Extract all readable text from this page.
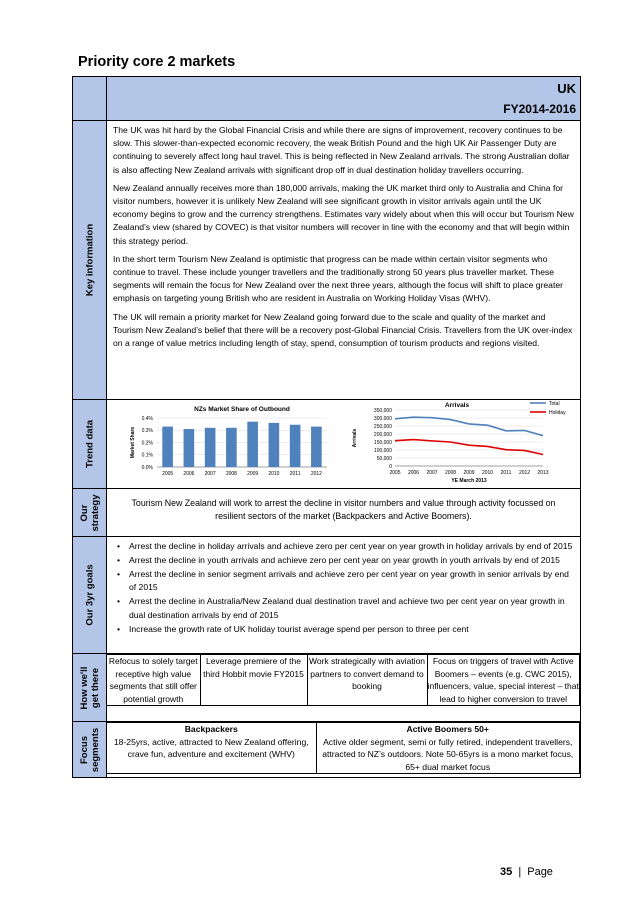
Priority core 2 markets

UK
FY2014-2016

Key information

The UK was hit hard by the Global Financial Crisis and while there are signs of improvement, recovery continues to be slow. This slower-than-expected economic recovery, the weak British Pound and the high UK Air Passenger Duty are continuing to severely affect long haul travel. This is being reflected in New Zealand arrivals. The strong Australian dollar is also affecting New Zealand arrivals with significant drop off in dual destination holiday travellers occurring.

New Zealand annually receives more than 180,000 arrivals, making the UK market third only to Australia and China for visitor numbers, however it is unlikely New Zealand will see significant growth in visitor arrivals again until the UK economy begins to grow and the currency strengthens. Estimates vary widely about when this will occur but Tourism New Zealand’s view (shared by COVEC) is that visitor numbers will recover in line with the economy and that will begin within this strategy period.

In the short term Tourism New Zealand is optimistic that progress can be made within certain visitor segments who continue to travel. These include younger travellers and the traditionally strong 50 years plus traveller market. These segments will remain the focus for New Zealand over the next three years, although the focus will shift to place greater emphasis on targeting young British who are resident in Australia on Working Holiday Visas (WHV).

The UK will remain a priority market for New Zealand going forward due to the scale and quality of the market and Tourism New Zealand’s belief that there will be a recovery post-Global Financial Crisis. Travellers from the UK over-index on a range of value metrics including length of stay, spend, consumption of tourism products and regions visited.

Trend data

NZs Market Share of Outbound
Market Share
0.0%
0.1%
0.2%
0.3%
0.4%
2005 2006 2007 2008 2009 2010 2011 2012
Arrivals
Arrivals
0
50,000
100,000
150,000
200,000
250,000
300,000
350,000
2005 2006 2007 2008 2009 2010 2011 2012 2013
YE March 2013
Total
Holiday

Our strategy	Tourism New Zealand will work to arrest the decline in visitor numbers and value through activity focussed on resilient sectors of the market (Backpackers and Active Boomers).

Our 3yr goals

• Arrest the decline in holiday arrivals and achieve zero per cent year on year growth in holiday arrivals by end of 2015
• Arrest the decline in youth arrivals and achieve zero per cent year on year growth in youth arrivals by end of 2015
• Arrest the decline in senior segment arrivals and achieve zero per cent year on year growth in senior arrivals by end of 2015
• Arrest the decline in Australia/New Zealand dual destination travel and achieve two per cent year on year growth in dual destination arrivals by end of 2015
• Increase the growth rate of UK holiday tourist average spend per person to three per cent

How we'll get there

Refocus to solely target receptive high value segments that still offer potential growth	Leverage premiere of the third Hobbit movie FY2015	Work strategically with aviation partners to convert demand to booking	Focus on triggers of travel with Active Boomers – events (e.g. CWC 2015), influencers, value, special interest – that lead to higher conversion to travel

Focus segments
		Backpackers
18-25yrs, active, attracted to New Zealand offering, crave fun, adventure and excitement (WHV)

Active Boomers 50+
Active older segment, semi or fully retired, independent travellers, attracted to NZ’s outdoors. Note 50-65yrs is a mono market focus, 65+ dual market focus
35 | Page
